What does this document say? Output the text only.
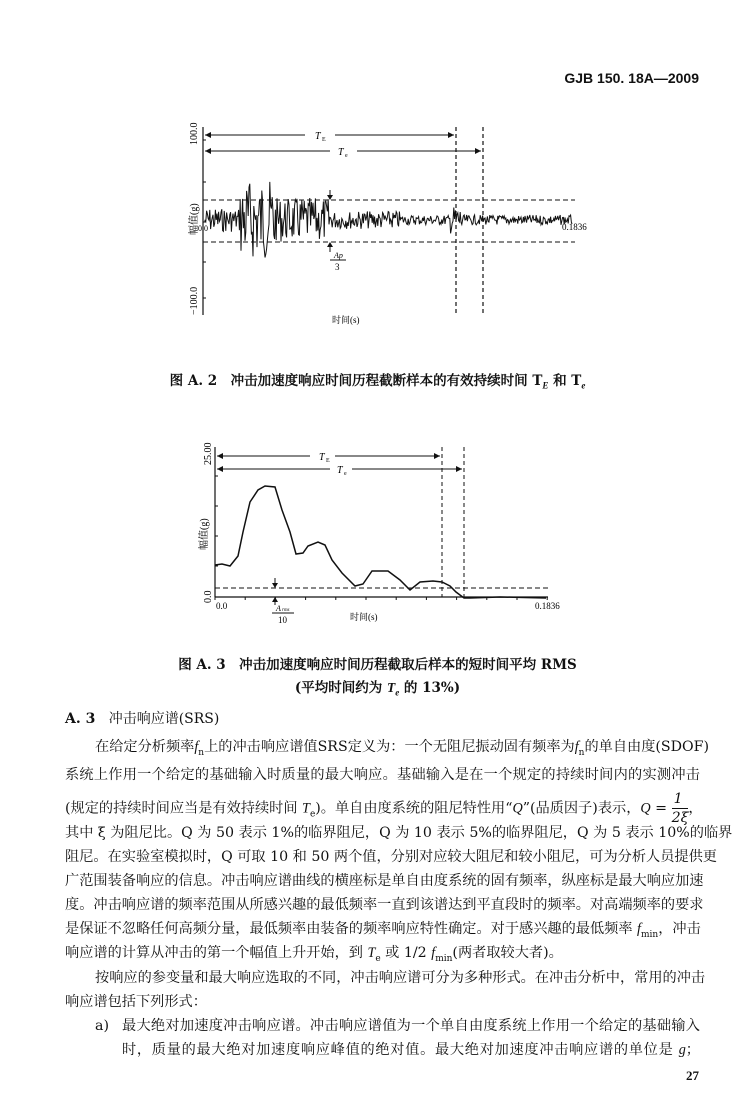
GJB 150. 18A—2009
100.0
−100.0
幅值(g)
0.0	0.1836
Ap
3
T E
T e
时间(s)
图 A. 2　冲击加速度响应时间历程截断样本的有效持续时间 $T_E$ 和 $T_e$
25.00
0.0
幅值(g)
0.0	0.1836
A rms
10
T E
T e
时间(s)
图 A. 3　冲击加速度响应时间历程截取后样本的短时间平均 RMS
(平均时间约为 $T_e$ 的 13%)
A. 3 冲击响应谱(SRS)
在给定分析频率$f_n$上的冲击响应谱值SRS定义为：一个无阻尼振动固有频率为$f_n$的单自由度(SDOF)
系统上作用一个给定的基础输入时质量的最大响应。基础输入是在一个规定的持续时间内的实测冲击
(规定的持续时间应当是有效持续时间 $T_e$)。单自由度系统的阻尼特性用“Q”(品质因子)表示，$Q = \frac{1}{2\xi}$ ，
其中 ξ 为阻尼比。Q 为 50 表示 1%的临界阻尼，Q 为 10 表示 5%的临界阻尼，Q 为 5 表示 10%的临界
阻尼。在实验室模拟时，Q 可取 10 和 50 两个值，分别对应较大阻尼和较小阻尼，可为分析人员提供更
广范围装备响应的信息。冲击响应谱曲线的横座标是单自由度系统的固有频率，纵座标是最大响应加速
度。冲击响应谱的频率范围从所感兴趣的最低频率一直到该谱达到平直段时的频率。对高端频率的要求
是保证不忽略任何高频分量，最低频率由装备的频率响应特性确定。对于感兴趣的最低频率 $f_{min}$，冲击
响应谱的计算从冲击的第一个幅值上升开始，到 $T_e$ 或 1/2 $f_{min}$(两者取较大者)。
按响应的参变量和最大响应选取的不同，冲击响应谱可分为多种形式。在冲击分析中，常用的冲击
响应谱包括下列形式：
a) 最大绝对加速度冲击响应谱。冲击响应谱值为一个单自由度系统上作用一个给定的基础输入
时，质量的最大绝对加速度响应峰值的绝对值。最大绝对加速度冲击响应谱的单位是 g；
27
